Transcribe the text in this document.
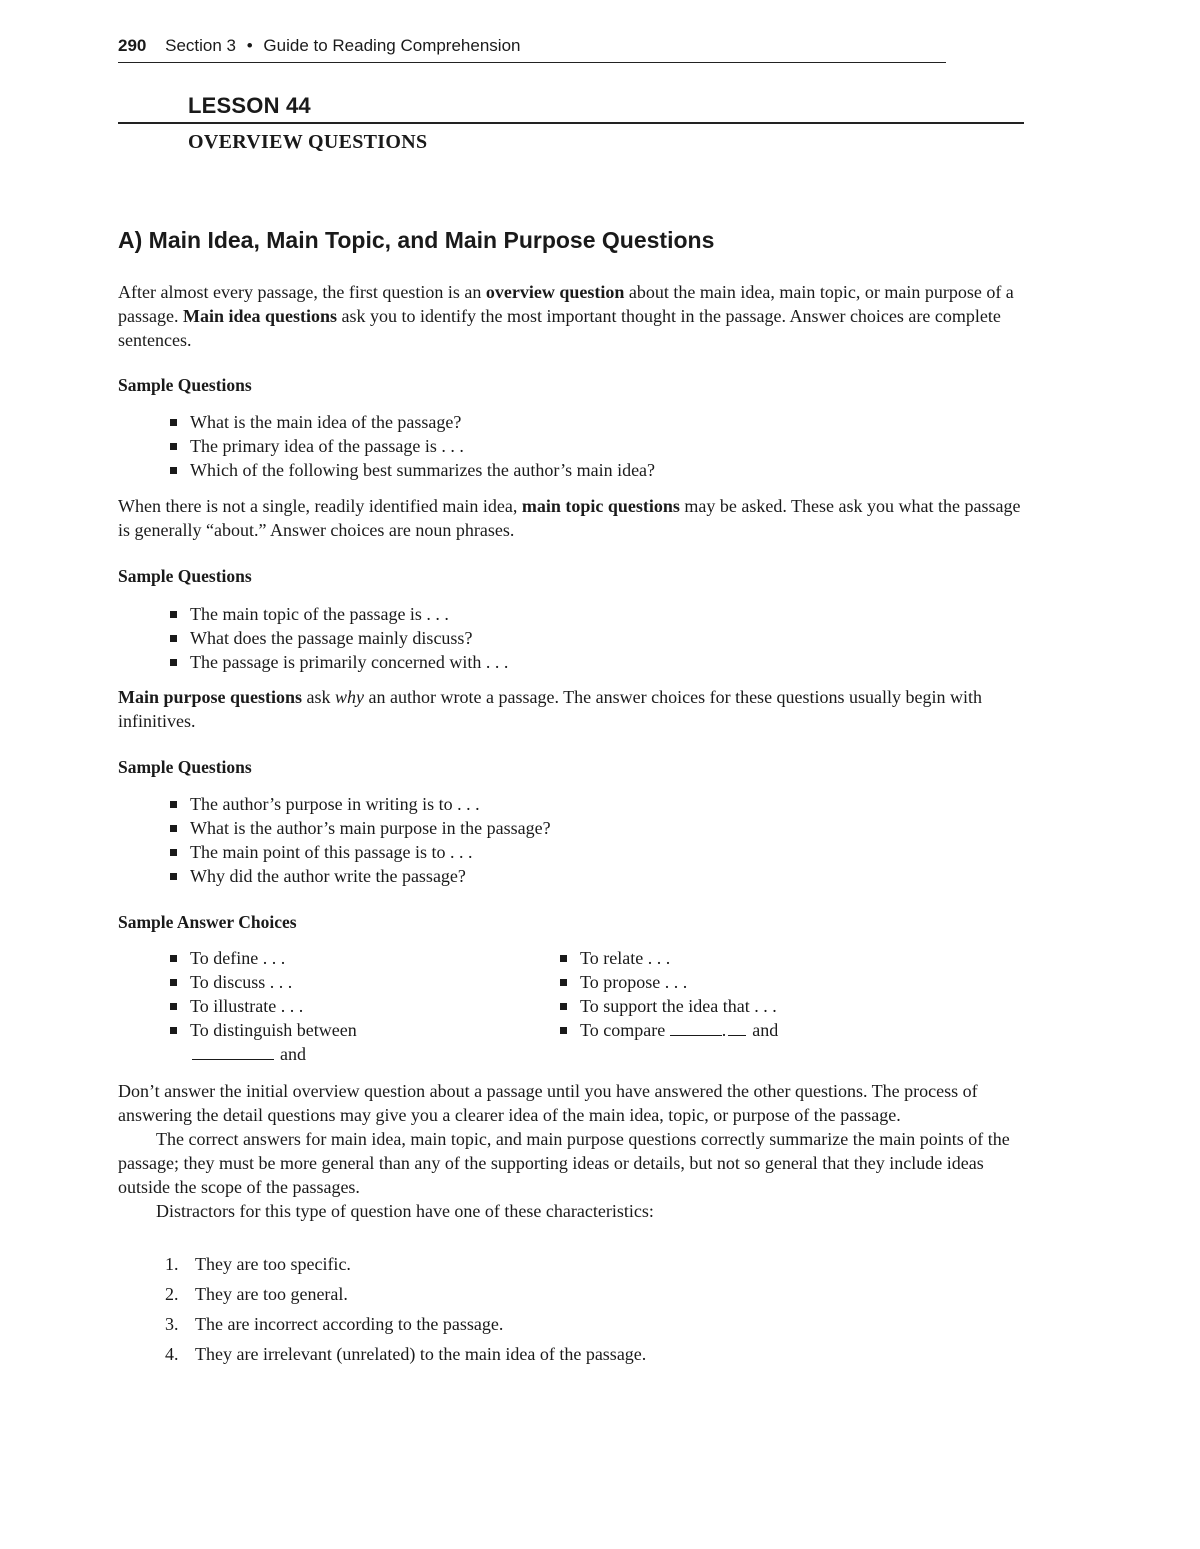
290 Section 3 • Guide to Reading Comprehension
LESSON 44
OVERVIEW QUESTIONS
A) Main Idea, Main Topic, and Main Purpose Questions
After almost every passage, the first question is an overview question about the main idea, main topic, or main purpose of a passage. Main idea questions ask you to identify the most important thought in the passage. Answer choices are complete sentences.
Sample Questions
What is the main idea of the passage?
The primary idea of the passage is . . .
Which of the following best summarizes the author’s main idea?
When there is not a single, readily identified main idea, main topic questions may be asked. These ask you what the passage is generally “about.” Answer choices are noun phrases.
Sample Questions
The main topic of the passage is . . .
What does the passage mainly discuss?
The passage is primarily concerned with . . .
Main purpose questions ask why an author wrote a passage. The answer choices for these questions usually begin with infinitives.
Sample Questions
The author’s purpose in writing is to . . .
What is the author’s main purpose in the passage?
The main point of this passage is to . . .
Why did the author write the passage?
Sample Answer Choices
To define . . .
To discuss . . .
To illustrate . . .
To distinguish between
and
To relate . . .
To propose . . .
To support the idea that . . .
To compare	. and

Don’t answer the initial overview question about a passage until you have answered the other questions. The process of answering the detail questions may give you a clearer idea of the main idea, topic, or purpose of the passage.

The correct answers for main idea, main topic, and main purpose questions correctly summarize the main points of the passage; they must be more general than any of the supporting ideas or details, but not so general that they include ideas outside the scope of the passages.

Distractors for this type of question have one of these characteristics:

1. They are too specific.
2. They are too general.
3. The are incorrect according to the passage.
4. They are irrelevant (unrelated) to the main idea of the passage.
